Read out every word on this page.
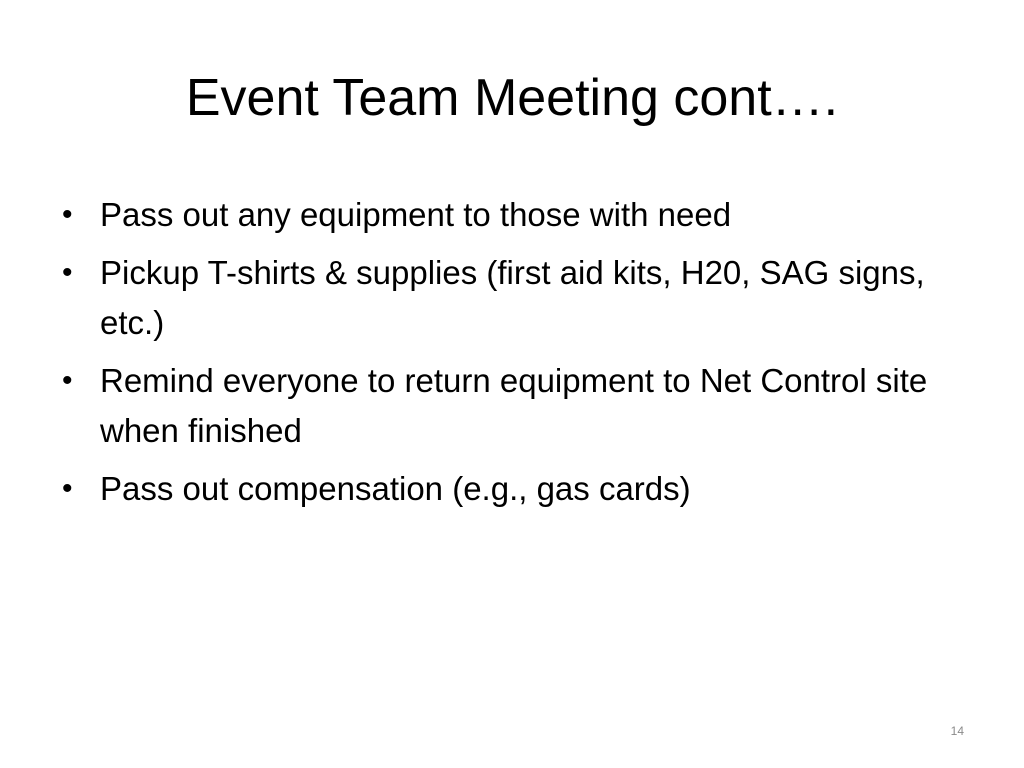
Event Team Meeting cont….
• Pass out any equipment to those with need
• Pickup T-shirts & supplies (first aid kits, H20, SAG signs, etc.)
• Remind everyone to return equipment to Net Control site when finished
• Pass out compensation (e.g., gas cards)
14
